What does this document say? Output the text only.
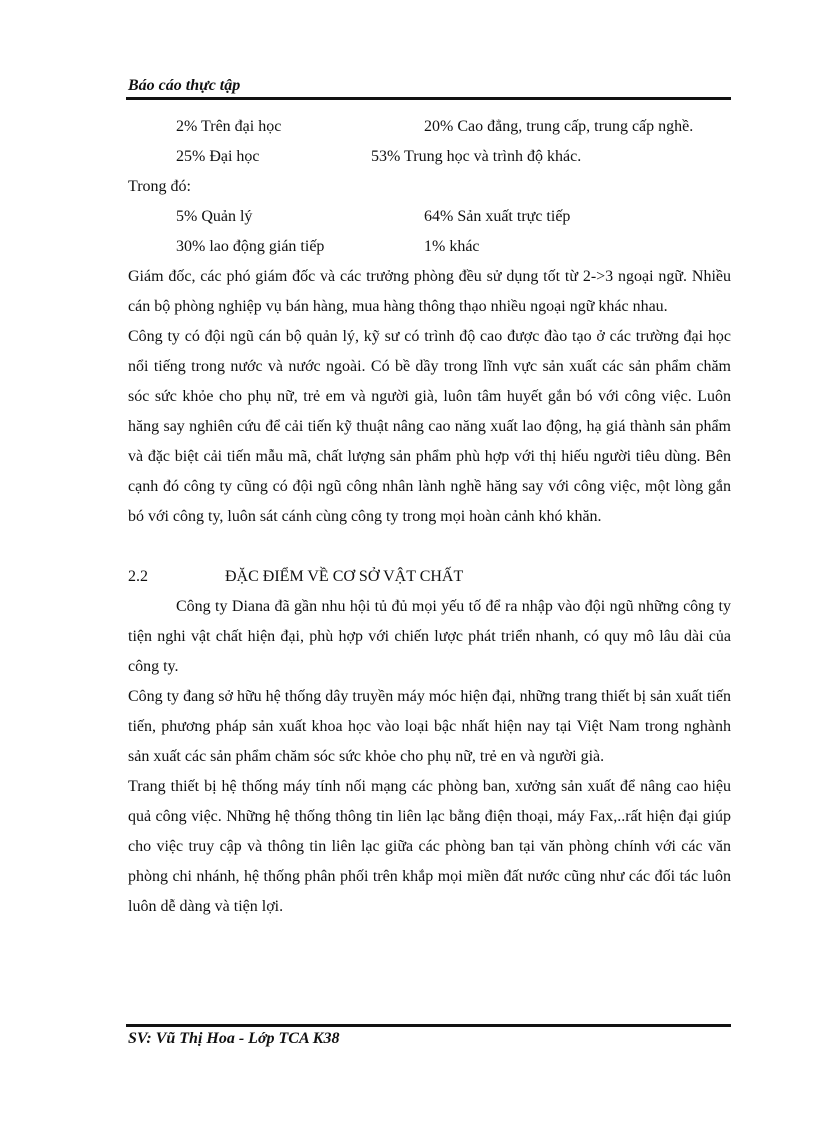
Báo cáo thực tập
2% Trên đại học	20% Cao đẳng, trung cấp, trung cấp nghề.
25% Đại học	53% Trung học và trình độ khác.
Trong đó:
5% Quản lý	64% Sản xuất trực tiếp
30% lao động gián tiếp	1% khác

Giám đốc, các phó giám đốc và các trưởng phòng đều sử dụng tốt từ 2->3 ngoại ngữ. Nhiều cán bộ phòng nghiệp vụ bán hàng, mua hàng thông thạo nhiều ngoại ngữ khác nhau.

Công ty có đội ngũ cán bộ quản lý, kỹ sư có trình độ cao được đào tạo ở các trường đại học nổi tiếng trong nước và nước ngoài. Có bề dầy trong lĩnh vực sản xuất các sản phẩm chăm sóc sức khỏe cho phụ nữ, trẻ em và người già, luôn tâm huyết gắn bó với công việc. Luôn hăng say nghiên cứu để cải tiến kỹ thuật nâng cao năng xuất lao động, hạ giá thành sản phẩm và đặc biệt cải tiến mẫu mã, chất lượng sản phẩm phù hợp với thị hiếu người tiêu dùng. Bên cạnh đó công ty cũng có đội ngũ công nhân lành nghề hăng say với công việc, một lòng gắn bó với công ty, luôn sát cánh cùng công ty trong mọi hoàn cảnh khó khăn.

2.2	ĐẶC ĐIỂM VỀ CƠ SỞ VẬT CHẤT

Công ty Diana đã gần nhu hội tủ đủ mọi yếu tố để ra nhập vào đội ngũ những công ty tiện nghi vật chất hiện đại, phù hợp với chiến lược phát triển nhanh, có quy mô lâu dài của công ty.

Công ty đang sở hữu hệ thống dây truyền máy móc hiện đại, những trang thiết bị sản xuất tiến tiến, phương pháp sản xuất khoa học vào loại bậc nhất hiện nay tại Việt Nam trong nghành sản xuất các sản phẩm chăm sóc sức khỏe cho phụ nữ, trẻ en và người già.

Trang thiết bị hệ thống máy tính nối mạng các phòng ban, xưởng sản xuất để nâng cao hiệu quả công việc. Những hệ thống thông tin liên lạc bằng điện thoại, máy Fax,..rất hiện đại giúp cho việc truy cập và thông tin liên lạc giữa các phòng ban tại văn phòng chính với các văn phòng chi nhánh, hệ thống phân phối trên khắp mọi miền đất nước cũng như các đối tác luôn luôn dễ dàng và tiện lợi.

SV: Vũ Thị Hoa - Lớp TCA K38
